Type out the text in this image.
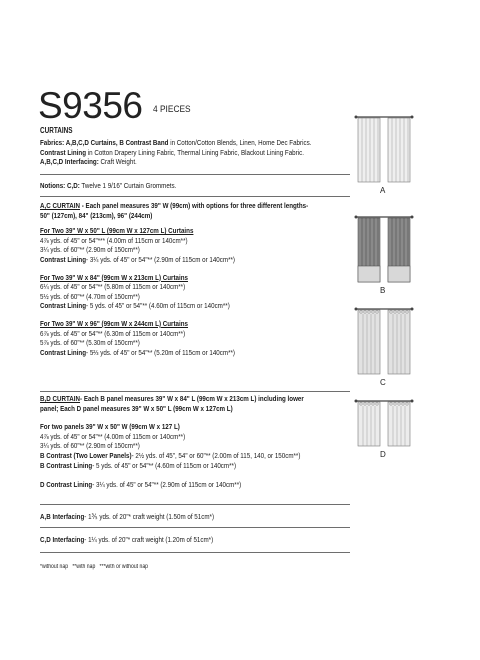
S9356 4 PIECES
CURTAINS
Fabrics: A,B,C,D Curtains, B Contrast Band in Cotton/Cotton Blends, Linen, Home Dec Fabrics.
Contrast Lining in Cotton Drapery Lining Fabric, Thermal Lining Fabric, Blackout Lining Fabric.
A,B,C,D Interfacing: Craft Weight.
Notions: C,D: Twelve 1 9/16" Curtain Grommets.
A,C CURTAIN - Each panel measures 39" W (99cm) with options for three different lengths-
50" (127cm), 84" (213cm), 96" (244cm)
For Two 39" W x 50" L (99cm W x 127cm L) Curtains
4⅞ yds. of 45" or 54"*** (4.00m of 115cm or 140cm**)
3¼ yds. of 60"** (2.90m of 150cm**)
Contrast Lining- 3¼ yds. of 45" or 54"** (2.90m of 115cm or 140cm**)
For Two 39" W x 84" (99cm W x 213cm L) Curtains
6¼ yds. of 45" or 54"** (5.80m of 115cm or 140cm**)
5½ yds. of 60"** (4.70m of 150cm**)
Contrast Lining- 5 yds. of 45" or 54"** (4.60m of 115cm or 140cm**)
For Two 39" W x 96" (99cm W x 244cm L) Curtains
6⅞ yds. of 45" or 54"** (6.30m of 115cm or 140cm**)
5⅞ yds. of 60"** (5.30m of 150cm**)
Contrast Lining- 5⅔ yds. of 45" or 54"** (5.20m of 115cm or 140cm**)
B,D CURTAIN- Each B panel measures 39" W x 84" L (99cm W x 213cm L) including lower
panel; Each D panel measures 39" W x 50" L (99cm W x 127cm L)
For two panels 39" W x 50" W (99cm W x 127 L)
4⅞ yds. of 45" or 54"** (4.00m of 115cm or 140cm**)
3¼ yds. of 60"** (2.90m of 150cm**)
B Contrast (Two Lower Panels)- 2½ yds. of 45", 54" or 60"** (2.00m of 115, 140, or 150cm**)
B Contrast Lining- 5 yds. of 45" or 54"** (4.60m of 115cm or 140cm**)
D Contrast Lining- 3¼ yds. of 45" or 54"** (2.90m of 115cm or 140cm**)
A,B Interfacing- 1⅗ yds. of 20"* craft weight (1.50m of 51cm*)
C,D Interfacing- 1¼ yds. of 20"* craft weight (1.20m of 51cm*)
*without nap   **with nap   ***with or without nap
A
B
C
D
